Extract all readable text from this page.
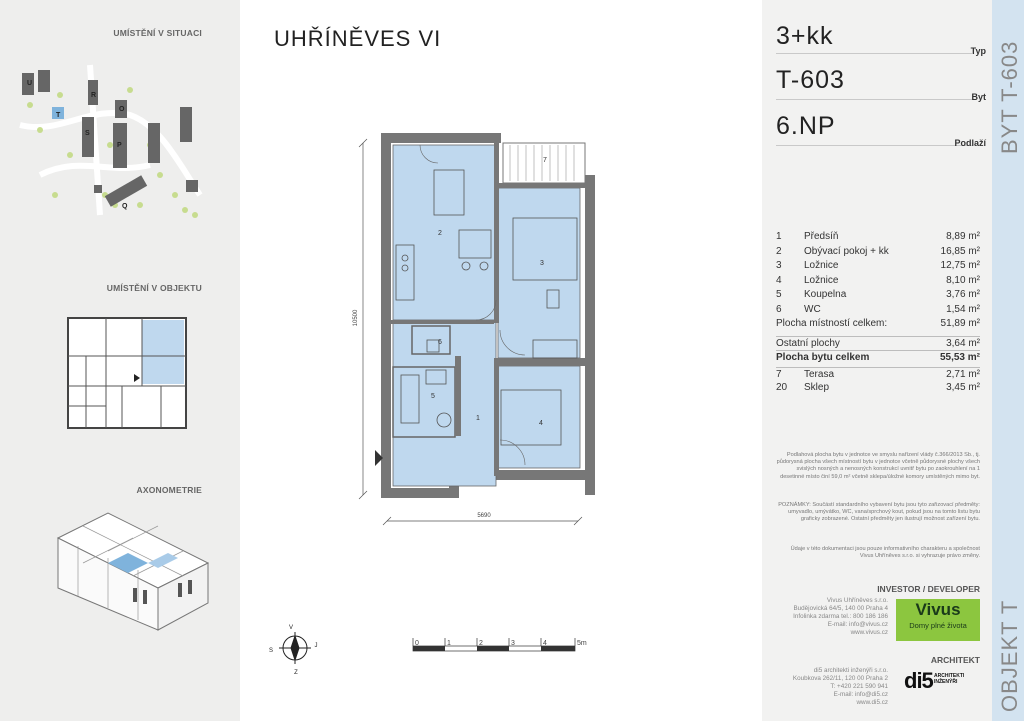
UMÍSTĚNÍ V SITUACI
U
R
O
T
S
P
Q
UMÍSTĚNÍ V OBJEKTU
AXONOMETRIE
UHŘÍNĚVES VI
10500
5690
1
2
3
4
5
6
7
V
Z
S
J	0	1	2	3	4	5m
BYT T-603
OBJEKT T
3+kk
Typ
T-603
Byt
6.NP
Podlaží
1 Předsíň	8,89 m²
2 Obývací pokoj + kk	16,85 m²
3 Ložnice	12,75 m²
4 Ložnice	8,10 m²
5 Koupelna	3,76 m²
6 WC	1,54 m²
Plocha místností celkem:	51,89 m²
Ostatní plochy	3,64 m²
Plocha bytu celkem	55,53 m²
7 Terasa	2,71 m²
20 Sklep	3,45 m²
Podlahová plocha bytu v jednotce ve smyslu nařízení vlády č.366/2013 Sb., tj. půdorysná plocha všech místností bytu v jednotce včetně půdorysné plochy všech svislých nosných a nenosných konstrukcí uvnitř bytu po zaokrouhlení na 1 desetinné místo činí 59,0 m² včetně sklepa/úložné komory umístěných mimo byt.
POZNÁMKY: Součástí standardního vybavení bytu jsou tyto zařizovací předměty: umyvadlo, umývátko, WC, vana/sprchový kout, pokud jsou na tomto listu bytu graficky zobrazené. Ostatní předměty jen ilustrují možnost zařízení bytu.
Údaje v této dokumentaci jsou pouze informativního charakteru a společnost Vivus Uhříněves s.r.o. si vyhrazuje právo změny.
INVESTOR / DEVELOPER
Vivus Uhříněves s.r.o.
Budějovická 64/5, 140 00 Praha 4
Infolinka zdarma tel.: 800 186 186
E-mail: info@vivus.cz
www.vivus.cz
Vivus
Domy plné života
ARCHITEKT
di5 architekti inženýři s.r.o.
Koubkova 262/11, 120 00 Praha 2
T: +420 221 590 941
E-mail: info@di5.cz
www.di5.cz
di5 ARCHITEKTI
INŽENÝŘI
